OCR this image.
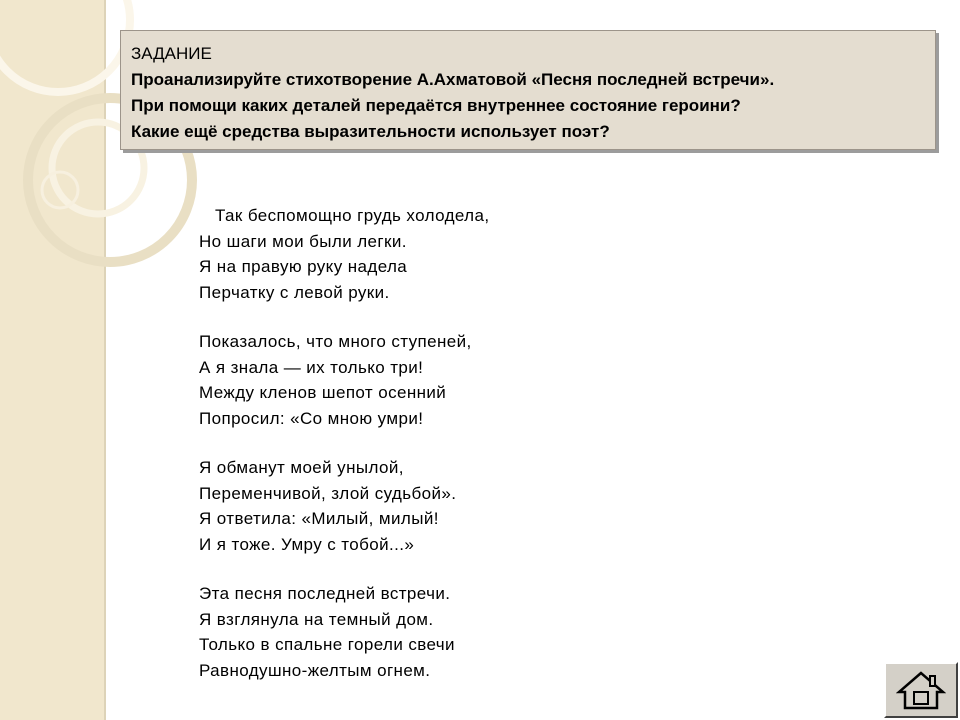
ЗАДАНИЕ
Проанализируйте стихотворение А.Ахматовой «Песня последней встречи».
При помощи каких деталей передаётся внутреннее состояние героини?
Какие ещё средства выразительности использует поэт?
Так беспомощно грудь холодела,
Но шаги мои были легки.
Я на правую руку надела
Перчатку с левой руки.
Показалось, что много ступеней,
А я знала — их только три!
Между кленов шепот осенний
Попросил: «Со мною умри!
Я обманут моей унылой,
Переменчивой, злой судьбой».
Я ответила: «Милый, милый!
И я тоже. Умру с тобой...»
Эта песня последней встречи.
Я взглянула на темный дом.
Только в спальне горели свечи
Равнодушно-желтым огнем.
